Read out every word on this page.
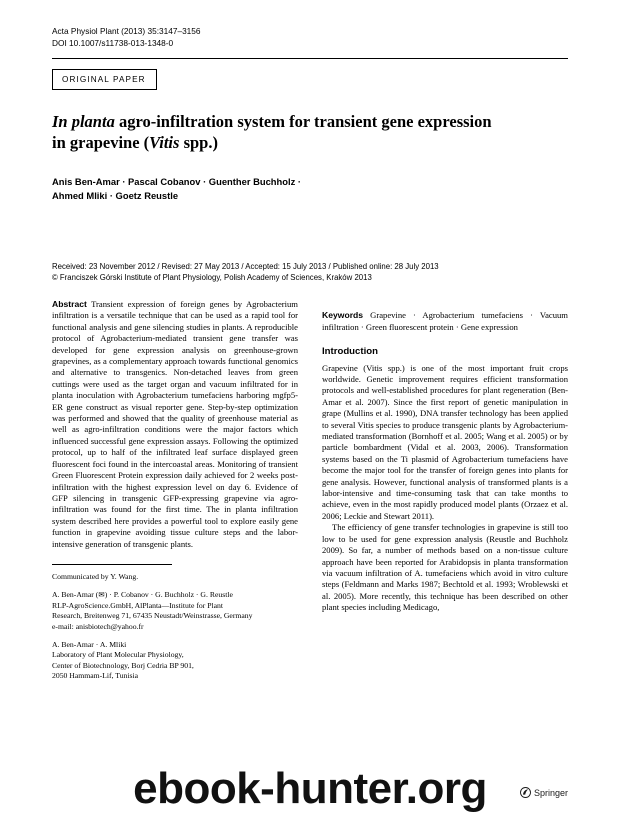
Acta Physiol Plant (2013) 35:3147–3156
DOI 10.1007/s11738-013-1348-0
ORIGINAL PAPER
In planta agro-infiltration system for transient gene expression
in grapevine (Vitis spp.)
Anis Ben-Amar · Pascal Cobanov · Guenther Buchholz ·
Ahmed Mliki · Goetz Reustle
Received: 23 November 2012 / Revised: 27 May 2013 / Accepted: 15 July 2013 / Published online: 28 July 2013
© Franciszek Górski Institute of Plant Physiology, Polish Academy of Sciences, Kraków 2013

Abstract Transient expression of foreign genes by Agrobacterium infiltration is a versatile technique that can be used as a rapid tool for functional analysis and gene silencing studies in plants. A reproducible protocol of Agrobacterium-mediated transient gene transfer was developed for gene expression analysis on greenhouse-grown grapevines, as a complementary approach towards functional genomics and alternative to transgenics. Non-detached leaves from green cuttings were used as the target organ and vacuum infiltrated for in planta inoculation with Agrobacterium tumefaciens harboring mgfp5-ER gene construct as visual reporter gene. Step-by-step optimization was performed and showed that the quality of greenhouse material as well as agro-infiltration conditions were the major factors which influenced successful gene expression assays. Following the optimized protocol, up to half of the infiltrated leaf surface displayed green fluorescent foci found in the intercoastal areas. Monitoring of transient Green Fluorescent Protein expression daily achieved for 2 weeks post-infiltration with the highest expression level on day 6. Evidence of GFP silencing in transgenic GFP-expressing grapevine via agro-infiltration was found for the first time. The in planta infiltration system described here provides a powerful tool to explore easily gene function in grapevine avoiding tissue culture steps and the labor-intensive generation of transgenic plants.

Communicated by Y. Wang.

A. Ben-Amar (✉) · P. Cobanov · G. Buchholz · G. Reustle
RLP-AgroScience.GmbH, AlPlanta—Institute for Plant
Research, Breitenweg 71, 67435 Neustadt/Weinstrasse, Germany
e-mail: anisbiotech@yahoo.fr

A. Ben-Amar · A. Mliki
Laboratory of Plant Molecular Physiology,
Center of Biotechnology, Borj Cedria BP 901,
2050 Hammam-Lif, Tunisia

Keywords Grapevine · Agrobacterium tumefaciens · Vacuum infiltration · Green fluorescent protein · Gene expression
Introduction

Grapevine (Vitis spp.) is one of the most important fruit crops worldwide. Genetic improvement requires efficient transformation protocols and well-established procedures for plant regeneration (Ben-Amar et al. 2007). Since the first report of genetic manipulation in grape (Mullins et al. 1990), DNA transfer technology has been applied to several Vitis species to produce transgenic plants by Agrobacterium-mediated transformation (Bornhoff et al. 2005; Wang et al. 2005) or by particle bombardment (Vidal et al. 2003, 2006). Transformation systems based on the Ti plasmid of Agrobacterium tumefaciens have become the major tool for the transfer of foreign genes into plants for gene analysis. However, functional analysis of transformed plants is a labor-intensive and time-consuming task that can take months to achieve, even in the most rapidly produced model plants (Orzaez et al. 2006; Leckie and Stewart 2011).

The efficiency of gene transfer technologies in grapevine is still too low to be used for gene expression analysis (Reustle and Buchholz 2009). So far, a number of methods based on a non-tissue culture approach have been reported for Arabidopsis in planta transformation via vacuum infiltration of A. tumefaciens which avoid in vitro culture steps (Feldmann and Marks 1987; Bechtold et al. 1993; Wroblewski et al. 2005). More recently, this technique has been described on other plant species including Medicago,

Springer
ebook-hunter.org
